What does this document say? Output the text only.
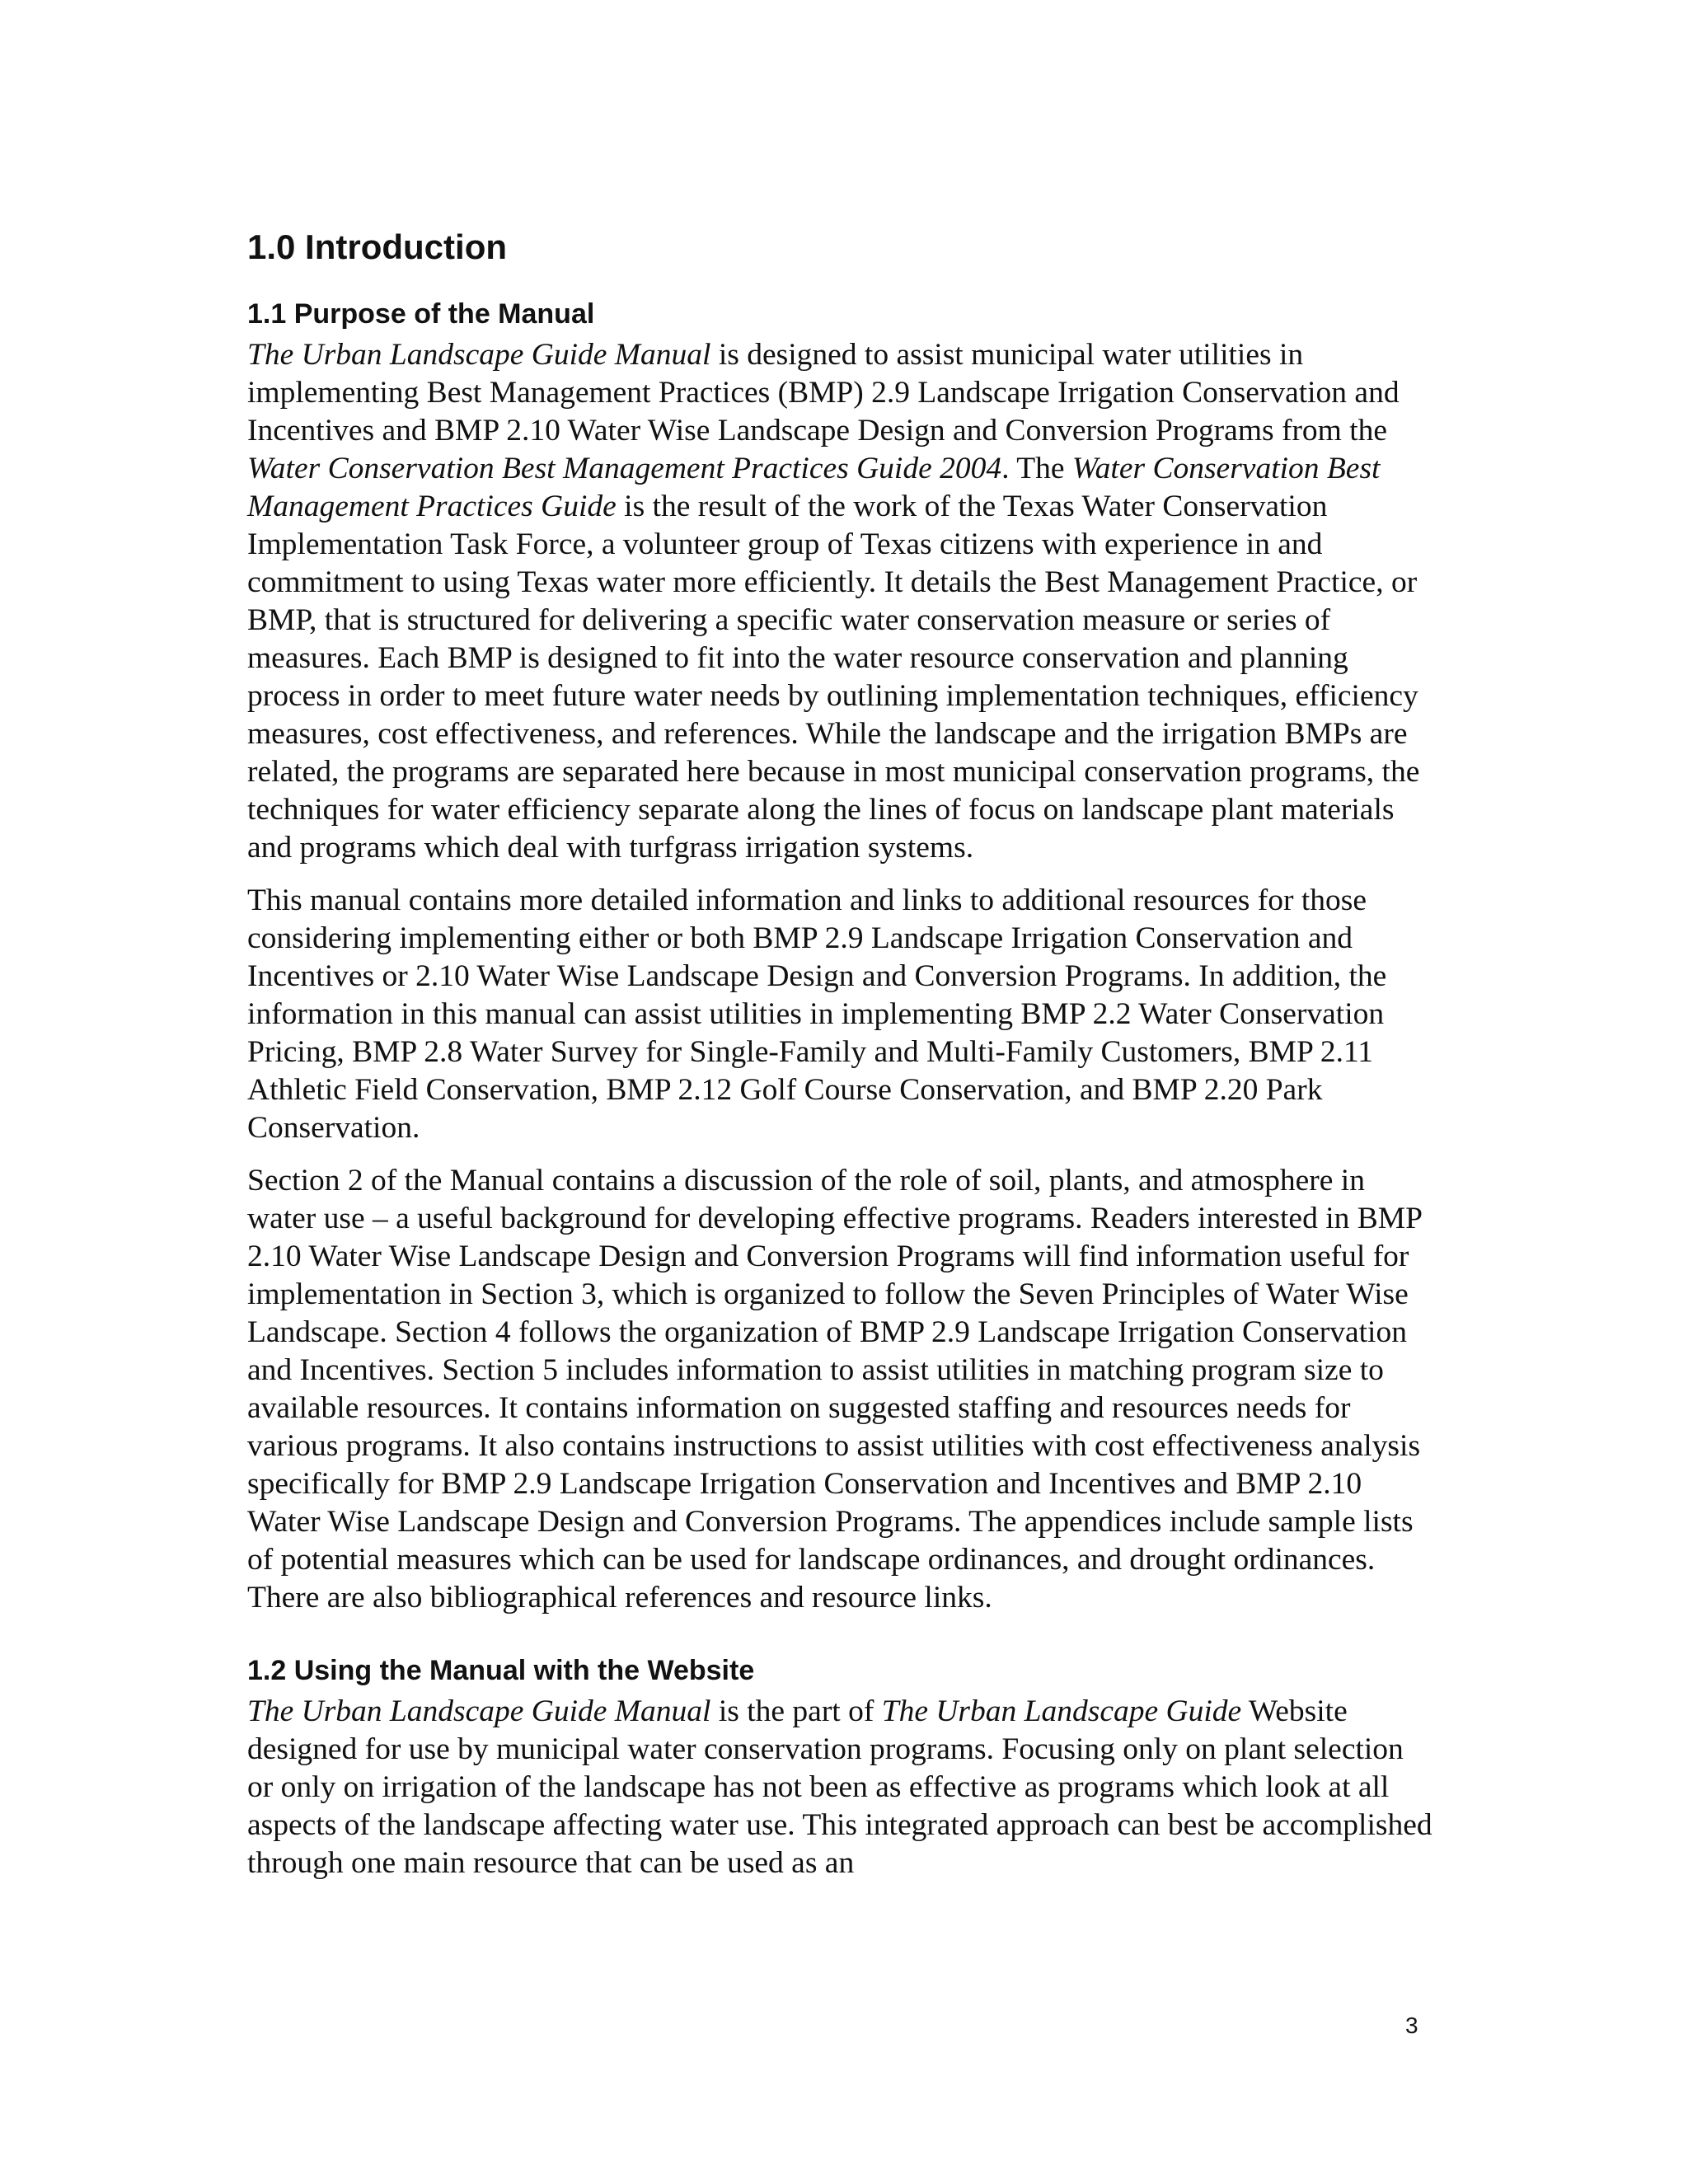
1.0 Introduction
1.1 Purpose of the Manual

The Urban Landscape Guide Manual is designed to assist municipal water utilities in implementing Best Management Practices (BMP) 2.9 Landscape Irrigation Conservation and Incentives and BMP 2.10 Water Wise Landscape Design and Conversion Programs from the Water Conservation Best Management Practices Guide 2004. The Water Conservation Best Management Practices Guide is the result of the work of the Texas Water Conservation Implementation Task Force, a volunteer group of Texas citizens with experience in and commitment to using Texas water more efficiently. It details the Best Management Practice, or BMP, that is structured for delivering a specific water conservation measure or series of measures. Each BMP is designed to fit into the water resource conservation and planning process in order to meet future water needs by outlining implementation techniques, efficiency measures, cost effectiveness, and references. While the landscape and the irrigation BMPs are related, the programs are separated here because in most municipal conservation programs, the techniques for water efficiency separate along the lines of focus on landscape plant materials and programs which deal with turfgrass irrigation systems.

This manual contains more detailed information and links to additional resources for those considering implementing either or both BMP 2.9 Landscape Irrigation Conservation and Incentives or 2.10 Water Wise Landscape Design and Conversion Programs. In addition, the information in this manual can assist utilities in implementing BMP 2.2 Water Conservation Pricing, BMP 2.8 Water Survey for Single-Family and Multi-Family Customers, BMP 2.11 Athletic Field Conservation, BMP 2.12 Golf Course Conservation, and BMP 2.20 Park Conservation.

Section 2 of the Manual contains a discussion of the role of soil, plants, and atmosphere in water use – a useful background for developing effective programs. Readers interested in BMP 2.10 Water Wise Landscape Design and Conversion Programs will find information useful for implementation in Section 3, which is organized to follow the Seven Principles of Water Wise Landscape. Section 4 follows the organization of BMP 2.9 Landscape Irrigation Conservation and Incentives. Section 5 includes information to assist utilities in matching program size to available resources. It contains information on suggested staffing and resources needs for various programs. It also contains instructions to assist utilities with cost effectiveness analysis specifically for BMP 2.9 Landscape Irrigation Conservation and Incentives and BMP 2.10 Water Wise Landscape Design and Conversion Programs. The appendices include sample lists of potential measures which can be used for landscape ordinances, and drought ordinances. There are also bibliographical references and resource links.

1.2 Using the Manual with the Website

The Urban Landscape Guide Manual is the part of The Urban Landscape Guide Website designed for use by municipal water conservation programs. Focusing only on plant selection or only on irrigation of the landscape has not been as effective as programs which look at all aspects of the landscape affecting water use. This integrated approach can best be accomplished through one main resource that can be used as an

3
